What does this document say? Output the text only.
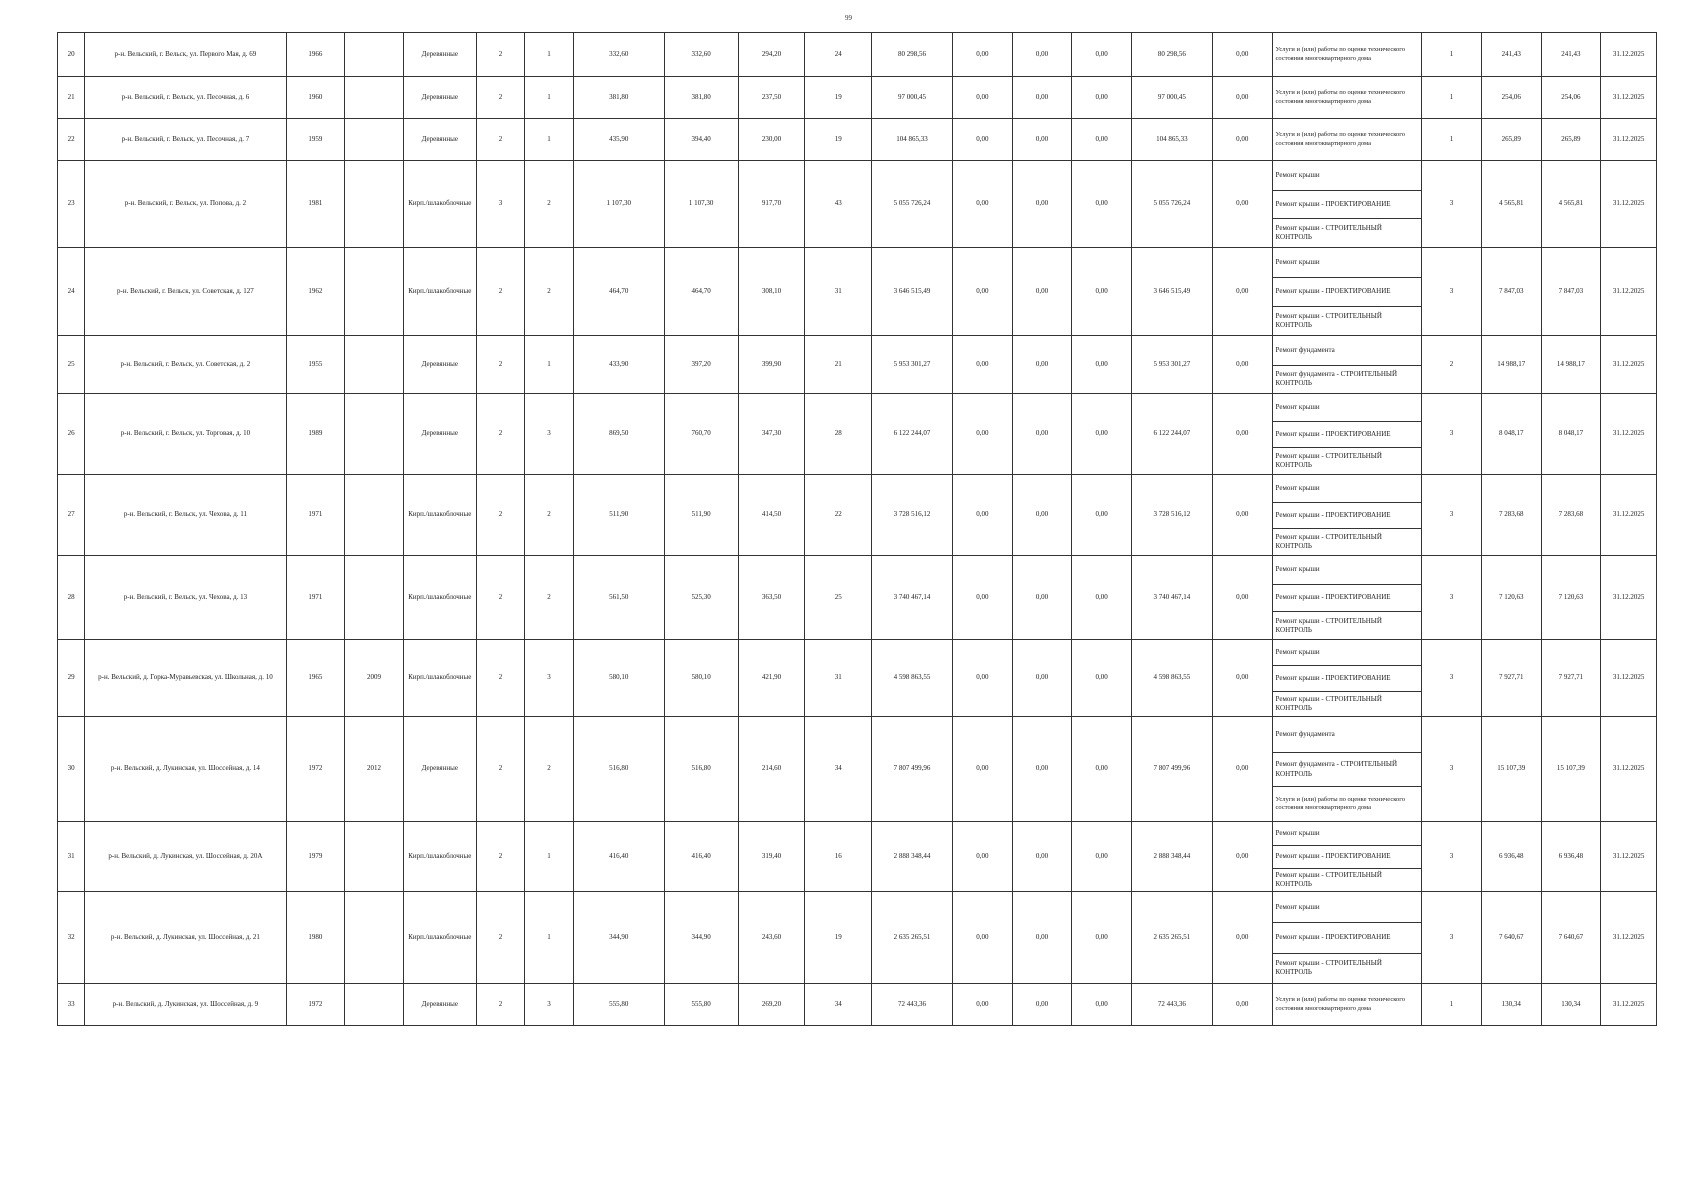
99
20	р-н. Вельский, г. Вельск, ул. Первого Мая, д. 69	1966		Деревянные	2	1	332,60	332,60	294,20	24	80 298,56	0,00	0,00	0,00	80 298,56	0,00	Услуги и (или) работы по оценке технического состояния многоквартирного дома	1	241,43	241,43	31.12.2025
21	р-н. Вельский, г. Вельск, ул. Песочная, д. 6	1960		Деревянные	2	1	381,80	381,80	237,50	19	97 000,45	0,00	0,00	0,00	97 000,45	0,00	Услуги и (или) работы по оценке технического состояния многоквартирного дома	1	254,06	254,06	31.12.2025
22	р-н. Вельский, г. Вельск, ул. Песочная, д. 7	1959		Деревянные	2	1	435,90	394,40	230,00	19	104 865,33	0,00	0,00	0,00	104 865,33	0,00	Услуги и (или) работы по оценке технического состояния многоквартирного дома	1	265,89	265,89	31.12.2025
23	р-н. Вельский, г. Вельск, ул. Попова, д. 2	1981		Кирп./шлакоблочные	3	2	1 107,30	1 107,30	917,70	43	5 055 726,24	0,00	0,00	0,00	5 055 726,24	0,00	Ремонт крыши
Ремонт крыши - ПРОЕКТИРОВАНИЕ
Ремонт крыши - СТРОИТЕЛЬНЫЙ КОНТРОЛЬ	3	4 565,81	4 565,81	31.12.2025
24	р-н. Вельский, г. Вельск, ул. Советская, д. 127	1962		Кирп./шлакоблочные	2	2	464,70	464,70	308,10	31	3 646 515,49	0,00	0,00	0,00	3 646 515,49	0,00	Ремонт крыши
Ремонт крыши - ПРОЕКТИРОВАНИЕ
Ремонт крыши - СТРОИТЕЛЬНЫЙ КОНТРОЛЬ	3	7 847,03	7 847,03	31.12.2025
25	р-н. Вельский, г. Вельск, ул. Советская, д. 2	1955		Деревянные	2	1	433,90	397,20	399,90	21	5 953 301,27	0,00	0,00	0,00	5 953 301,27	0,00	Ремонт фундамента
Ремонт фундамента - СТРОИТЕЛЬНЫЙ КОНТРОЛЬ	2	14 988,17	14 988,17	31.12.2025
26	р-н. Вельский, г. Вельск, ул. Торговая, д. 10	1989		Деревянные	2	3	869,50	760,70	347,30	28	6 122 244,07	0,00	0,00	0,00	6 122 244,07	0,00	Ремонт крыши
Ремонт крыши - ПРОЕКТИРОВАНИЕ
Ремонт крыши - СТРОИТЕЛЬНЫЙ КОНТРОЛЬ	3	8 048,17	8 048,17	31.12.2025
27	р-н. Вельский, г. Вельск, ул. Чехова, д. 11	1971		Кирп./шлакоблочные	2	2	511,90	511,90	414,50	22	3 728 516,12	0,00	0,00	0,00	3 728 516,12	0,00	Ремонт крыши
Ремонт крыши - ПРОЕКТИРОВАНИЕ
Ремонт крыши - СТРОИТЕЛЬНЫЙ КОНТРОЛЬ	3	7 283,68	7 283,68	31.12.2025
28	р-н. Вельский, г. Вельск, ул. Чехова, д. 13	1971		Кирп./шлакоблочные	2	2	561,50	525,30	363,50	25	3 740 467,14	0,00	0,00	0,00	3 740 467,14	0,00	Ремонт крыши
Ремонт крыши - ПРОЕКТИРОВАНИЕ
Ремонт крыши - СТРОИТЕЛЬНЫЙ КОНТРОЛЬ	3	7 120,63	7 120,63	31.12.2025
29	р-н. Вельский, д. Горка-Муравьевская, ул. Школьная, д. 10	1965	2009	Кирп./шлакоблочные	2	3	580,10	580,10	421,90	31	4 598 863,55	0,00	0,00	0,00	4 598 863,55	0,00	Ремонт крыши
Ремонт крыши - ПРОЕКТИРОВАНИЕ
Ремонт крыши - СТРОИТЕЛЬНЫЙ КОНТРОЛЬ	3	7 927,71	7 927,71	31.12.2025
30	р-н. Вельский, д. Лукинская, ул. Шоссейная, д. 14	1972	2012	Деревянные	2	2	516,80	516,80	214,60	34	7 807 499,96	0,00	0,00	0,00	7 807 499,96	0,00	Ремонт фундамента
Ремонт фундамента - СТРОИТЕЛЬНЫЙ КОНТРОЛЬ
Услуги и (или) работы по оценке технического состояния многоквартирного дома	3	15 107,39	15 107,39	31.12.2025
31	р-н. Вельский, д. Лукинская, ул. Шоссейная, д. 20А	1979		Кирп./шлакоблочные	2	1	416,40	416,40	319,40	16	2 888 348,44	0,00	0,00	0,00	2 888 348,44	0,00	Ремонт крыши
Ремонт крыши - ПРОЕКТИРОВАНИЕ
Ремонт крыши - СТРОИТЕЛЬНЫЙ КОНТРОЛЬ	3	6 936,48	6 936,48	31.12.2025
32	р-н. Вельский, д. Лукинская, ул. Шоссейная, д. 21	1980		Кирп./шлакоблочные	2	1	344,90	344,90	243,60	19	2 635 265,51	0,00	0,00	0,00	2 635 265,51	0,00	Ремонт крыши
Ремонт крыши - ПРОЕКТИРОВАНИЕ
Ремонт крыши - СТРОИТЕЛЬНЫЙ КОНТРОЛЬ	3	7 640,67	7 640,67	31.12.2025
33	р-н. Вельский, д. Лукинская, ул. Шоссейная, д. 9	1972		Деревянные	2	3	555,80	555,80	269,20	34	72 443,36	0,00	0,00	0,00	72 443,36	0,00	Услуги и (или) работы по оценке технического состояния многоквартирного дома	1	130,34	130,34	31.12.2025
